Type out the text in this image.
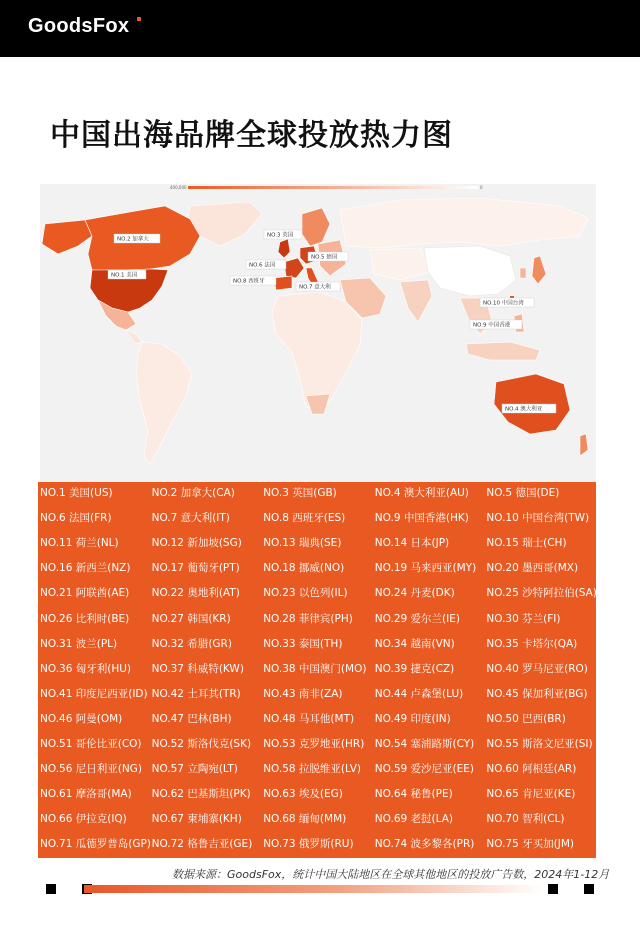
GoodsFox
中国出海品牌全球投放热力图
400,000	0
NO.1 美国
NO.2 加拿大
NO.3 英国
NO.4 澳大利亚
NO.5 德国
NO.6 法国
NO.7 意大利
NO.8 西班牙
NO.9 中国香港
NO.10 中国台湾
NO.1 美国(US)	NO.2 加拿大(CA)	NO.3 英国(GB)	NO.4 澳大利亚(AU) NO.5 德国(DE)
NO.6 法国(FR)	NO.7 意大利(IT)	NO.8 西班牙(ES)	NO.9 中国香港(HK) NO.10 中国台湾(TW)
NO.11 荷兰(NL)	NO.12 新加坡(SG) NO.13 瑞典(SE)	NO.14 日本(JP)	NO.15 瑞士(CH)
NO.16 新西兰(NZ) NO.17 葡萄牙(PT) NO.18 挪威(NO)	NO.19 马来西亚(MY) NO.20 墨西哥(MX)
NO.21 阿联酋(AE) NO.22 奥地利(AT) NO.23 以色列(IL)	NO.24 丹麦(DK)	NO.25 沙特阿拉伯(SA)
NO.26 比利时(BE) NO.27 韩国(KR)	NO.28 菲律宾(PH) NO.29 爱尔兰(IE)	NO.30 芬兰(FI)
NO.31 波兰(PL)	NO.32 希腊(GR)	NO.33 泰国(TH)	NO.34 越南(VN)	NO.35 卡塔尔(QA)
NO.36 匈牙利(HU) NO.37 科威特(KW) NO.38 中国澳门(MO) NO.39 捷克(CZ)	NO.40 罗马尼亚(RO)
NO.41 印度尼西亚(ID) NO.42 土耳其(TR) NO.43 南非(ZA)	NO.44 卢森堡(LU) NO.45 保加利亚(BG)
NO.46 阿曼(OM)	NO.47 巴林(BH)	NO.48 马耳他(MT) NO.49 印度(IN)	NO.50 巴西(BR)
NO.51 哥伦比亚(CO) NO.52 斯洛伐克(SK) NO.53 克罗地亚(HR) NO.54 塞浦路斯(CY) NO.55 斯洛文尼亚(SI)
NO.56 尼日利亚(NG) NO.57 立陶宛(LT) NO.58 拉脱维亚(LV) NO.59 爱沙尼亚(EE) NO.60 阿根廷(AR)
NO.61 摩洛哥(MA) NO.62 巴基斯坦(PK) NO.63 埃及(EG)	NO.64 秘鲁(PE)	NO.65 肯尼亚(KE)
NO.66 伊拉克(IQ) NO.67 柬埔寨(KH) NO.68 缅甸(MM)	NO.69 老挝(LA)	NO.70 智利(CL)
NO.71 瓜德罗普岛(GP) NO.72 格鲁吉亚(GE) NO.73 俄罗斯(RU) NO.74 波多黎各(PR) NO.75 牙买加(JM)
数据来源：GoodsFox，统计中国大陆地区在全球其他地区的投放广告数，2024年1-12月
